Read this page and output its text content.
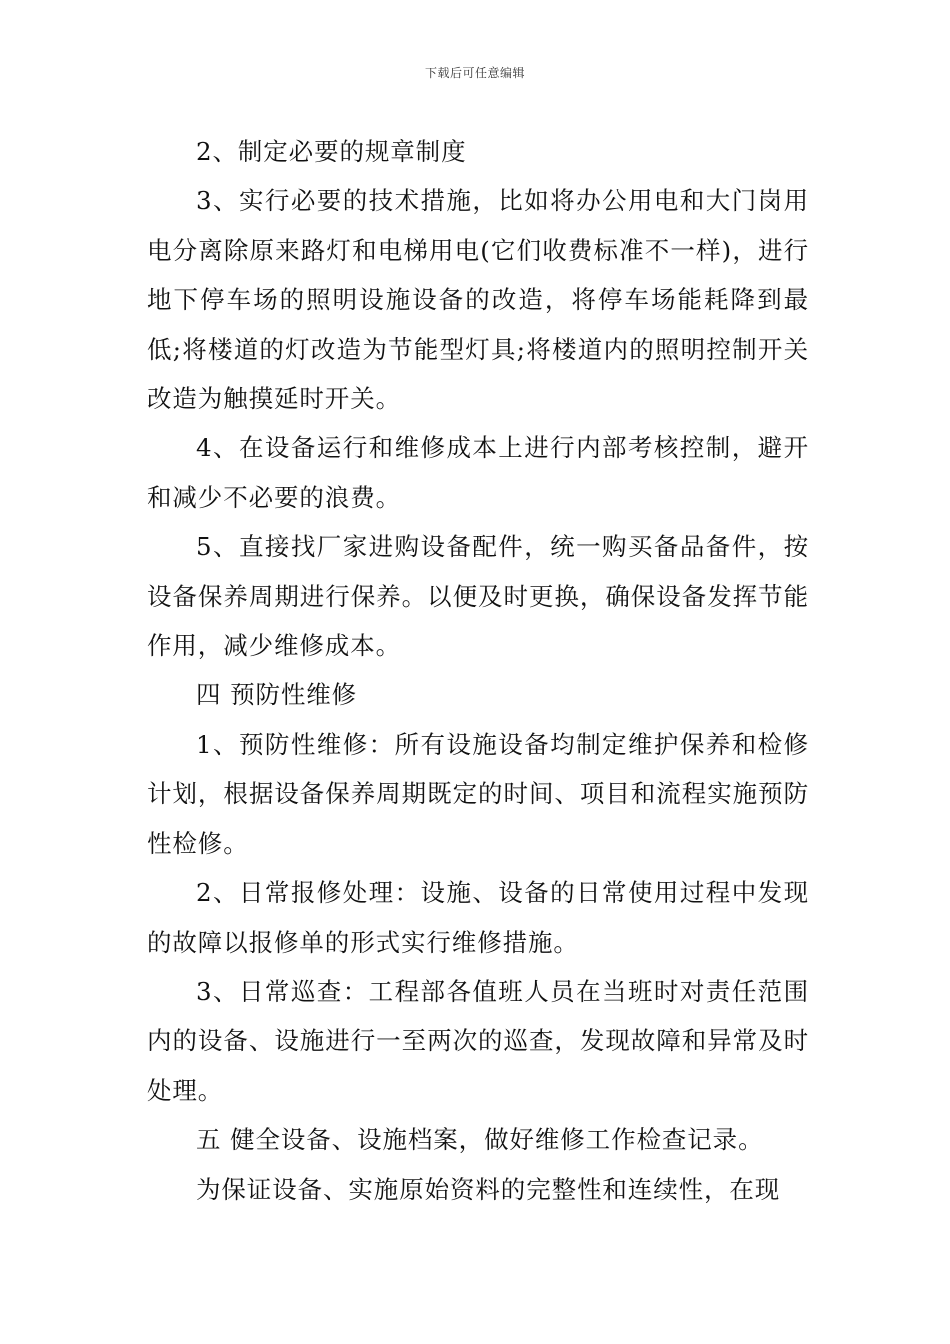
下载后可任意编辑

2、制定必要的规章制度

3、实行必要的技术措施，比如将办公用电和大门岗用电分离除原来路灯和电梯用电(它们收费标准不一样)，进行地下停车场的照明设施设备的改造，将停车场能耗降到最低;将楼道的灯改造为节能型灯具;将楼道内的照明控制开关改造为触摸延时开关。

4、在设备运行和维修成本上进行内部考核控制，避开和减少不必要的浪费。

5、直接找厂家进购设备配件，统一购买备品备件，按设备保养周期进行保养。以便及时更换，确保设备发挥节能作用，减少维修成本。

四 预防性维修

1、预防性维修：所有设施设备均制定维护保养和检修计划，根据设备保养周期既定的时间、项目和流程实施预防性检修。

2、日常报修处理：设施、设备的日常使用过程中发现的故障以报修单的形式实行维修措施。

3、日常巡查：工程部各值班人员在当班时对责任范围内的设备、设施进行一至两次的巡查，发现故障和异常及时处理。

五 健全设备、设施档案，做好维修工作检查记录。

为保证设备、实施原始资料的完整性和连续性，在现
